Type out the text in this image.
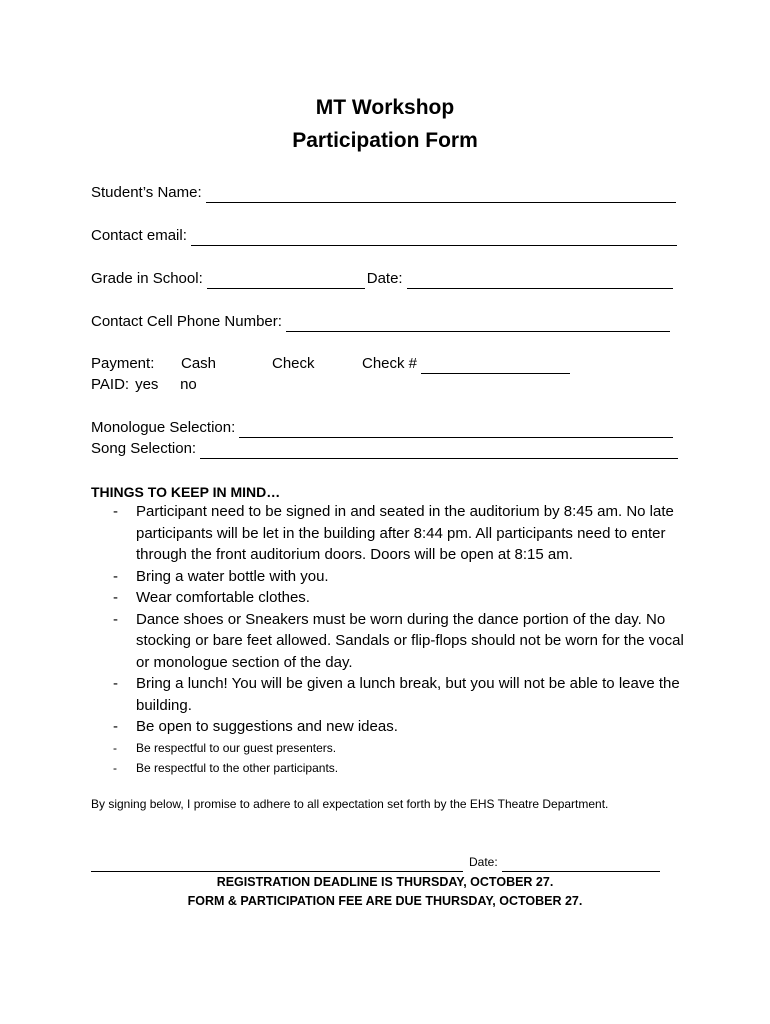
MT Workshop
Participation Form
Student’s Name:
Contact email:
Grade in School:	Date:
Contact Cell Phone Number:
Payment:	Cash	Check	Check #
PAID: yes	no
Monologue Selection:
Song Selection:
THINGS TO KEEP IN MIND…
- Participant need to be signed in and seated in the auditorium by 8:45 am. No late participants will be let in the building after 8:44 pm. All participants need to enter through the front auditorium doors. Doors will be open at 8:15 am.
- Bring a water bottle with you.
- Wear comfortable clothes.
- Dance shoes or Sneakers must be worn during the dance portion of the day. No stocking or bare feet allowed. Sandals or flip-flops should not be worn for the vocal or monologue section of the day.
- Bring a lunch! You will be given a lunch break, but you will not be able to leave the building.
- Be open to suggestions and new ideas.
- Be respectful to our guest presenters.
- Be respectful to the other participants.
By signing below, I promise to adhere to all expectation set forth by the EHS Theatre Department.
Date:
REGISTRATION DEADLINE IS THURSDAY, OCTOBER 27.
FORM & PARTICIPATION FEE ARE DUE THURSDAY, OCTOBER 27.
